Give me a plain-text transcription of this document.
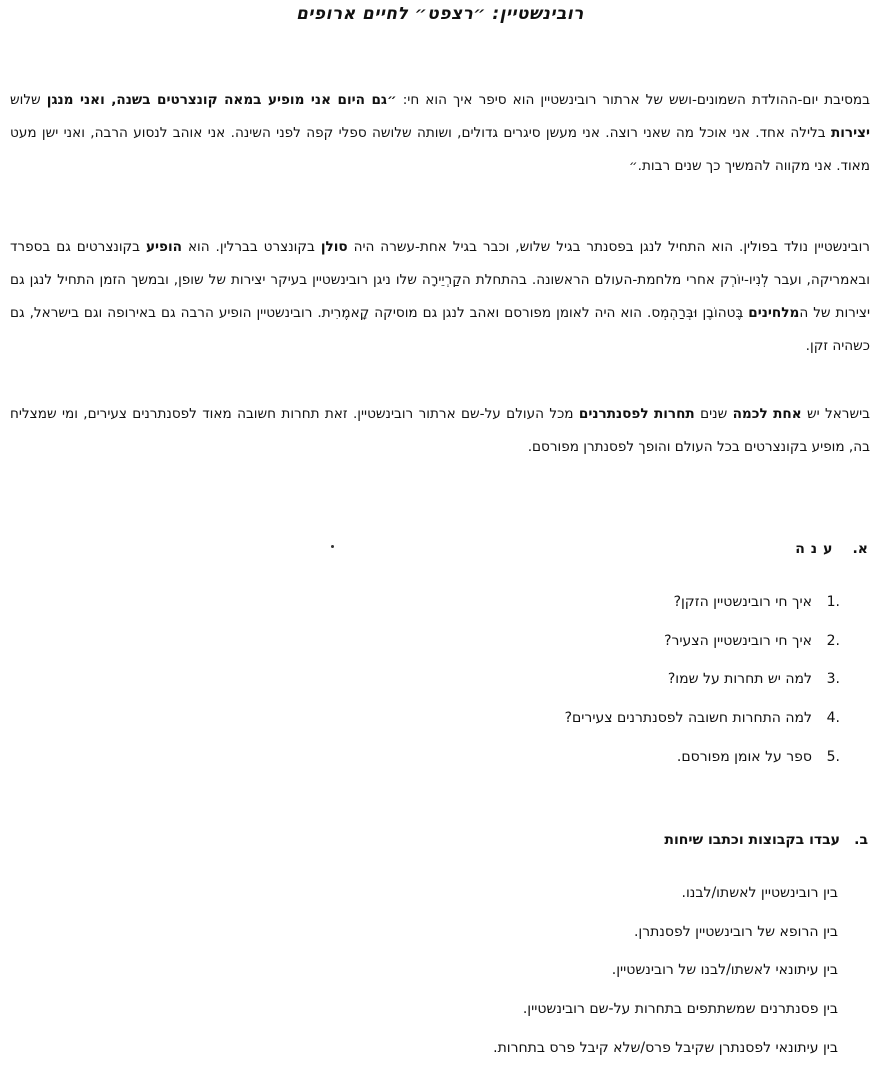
רובינשטיין: ״רצפט״ לחיים ארופים
במסיבת יום-ההולדת השמונים-ושש של ארתור רובינשטיין הוא סיפר איך הוא חי: ״גם היום אני מופיע במאה קונצרטים בשנה, ואני מנגן שלוש יצירות בלילה אחד. אני אוכל מה שאני רוצה. אני מעשן סיגרים גדולים, ושותה שלושה ספלי קפה לפני השינה. אני אוהב לנסוע הרבה, ואני ישן מעט מאוד. אני מקווה להמשיך כך שנים רבות.״
רובינשטיין נולד בפולין. הוא התחיל לנגן בפסנתר בגיל שלוש, וכבר בגיל אחת-עשרה היה סולן בקונצרט בברלין. הוא הופיע בקונצרטים גם בספרד ובאמריקה, ועבר לְנִיו-יוֹרְק אחרי מלחמת-העולם הראשונה. בהתחלת הקַרְיֵירָה שלו ניגן רובינשטיין בעיקר יצירות של שופן, ובמשך הזמן התחיל לנגן גם יצירות של המלחינים בֶּטהוֹבֶן וּבְּרַהְמְס. הוא היה לאומן מפורסם ואהב לנגן גם מוסיקה קָאמֶרִית. רובינשטיין הופיע הרבה גם באירופה וגם בישראל, גם כשהיה זקן.
בישראל יש אחת לכמה שנים תחרות לפסנתרנים מכל העולם על-שם ארתור רובינשטיין. זאת תחרות חשובה מאוד לפסנתרנים צעירים, ומי שמצליח בה, מופיע בקונצרטים בכל העולם והופך לפסנתרן מפורסם.
א.
ענה
.1
איך חי רובינשטיין הזקן?
.2
איך חי רובינשטיין הצעיר?
.3
למה יש תחרות על שמו?
.4
למה התחרות חשובה לפסנתרנים צעירים?
.5
ספר על אומן מפורסם.
ב.
עבדו בקבוצות וכתבו שיחות
בין רובינשטיין לאשתו/לבנו.
בין הרופא של רובינשטיין לפסנתרן.
בין עיתונאי לאשתו/לבנו של רובינשטיין.
בין פסנתרנים שמשתתפים בתחרות על-שם רובינשטיין.
בין עיתונאי לפסנתרן שקיבל פרס/שלא קיבל פרס בתחרות.
